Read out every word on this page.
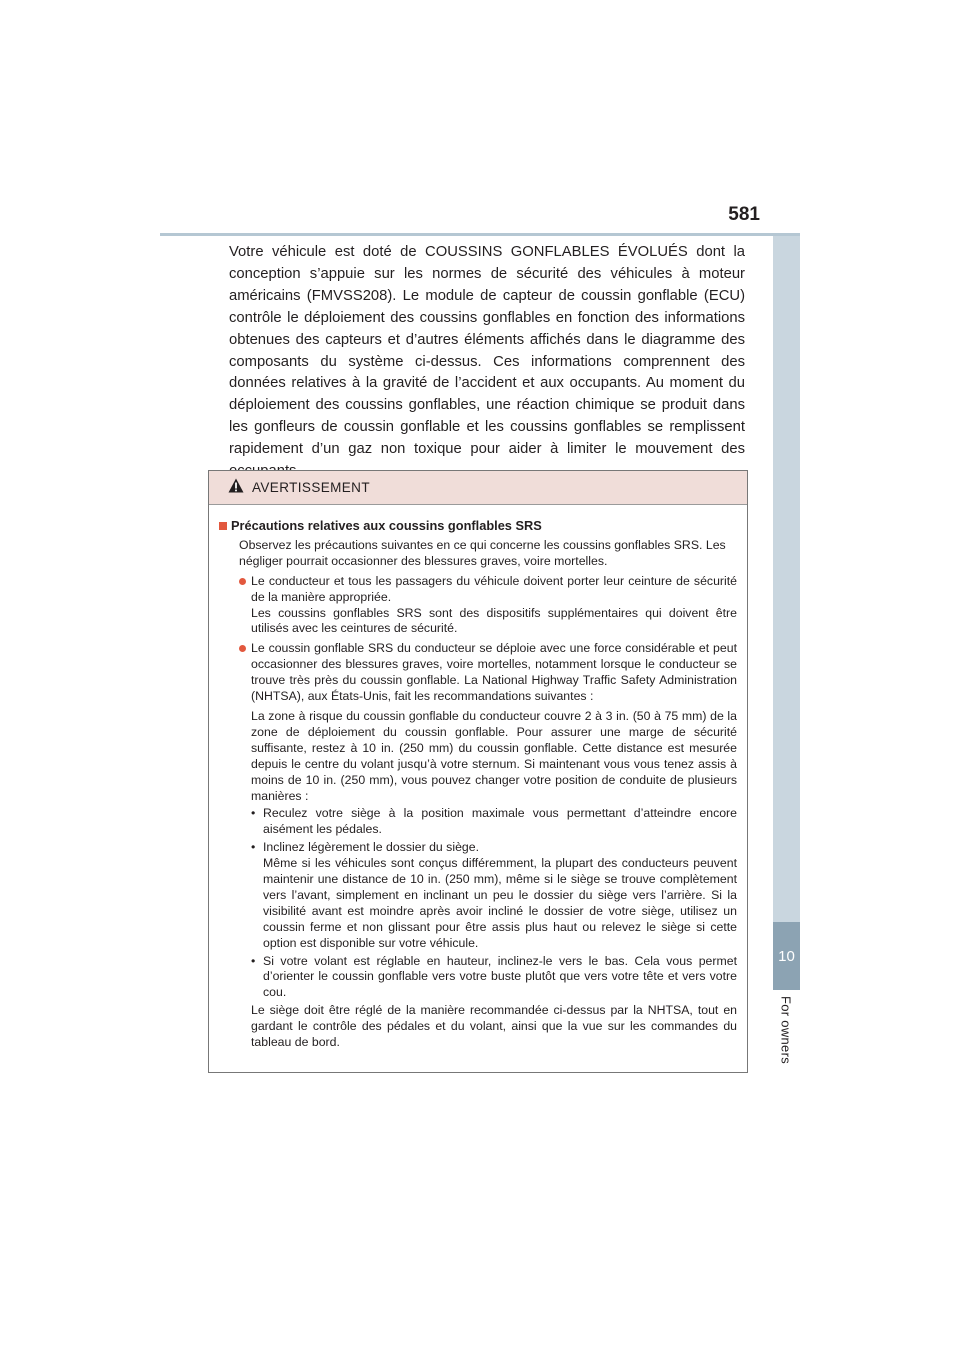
581
10
For owners

Votre véhicule est doté de COUSSINS GONFLABLES ÉVOLUÉS dont la conception s’appuie sur les normes de sécurité des véhicules à moteur américains (FMVSS208). Le module de capteur de coussin gonflable (ECU) contrôle le déploiement des coussins gonflables en fonction des informations obtenues des capteurs et d’autres éléments affichés dans le diagramme des composants du système ci-dessus. Ces informations comprennent des données relatives à la gravité de l’accident et aux occupants. Au moment du déploiement des coussins gonflables, une réaction chimique se produit dans les gonfleurs de coussin gonflable et les coussins gonflables se remplissent rapidement d’un gaz non toxique pour aider à limiter le mouvement des

AVERTISSEMENT

Précautions relatives aux coussins gonflables SRS

Observez les précautions suivantes en ce qui concerne les coussins gonflables SRS. Les négliger pourrait occasionner des blessures graves, voire mortelles.

Le conducteur et tous les passagers du véhicule doivent porter leur ceinture de sécurité de la manière appropriée.

Les coussins gonflables SRS sont des dispositifs supplémentaires qui doivent être utilisés avec les ceintures de sécurité.

Le coussin gonflable SRS du conducteur se déploie avec une force considérable et peut occasionner des blessures graves, voire mortelles, notamment lorsque le conducteur se trouve très près du coussin gonflable. La National Highway Traffic Safety Administration (NHTSA), aux États-Unis, fait les recommandations suivantes :

La zone à risque du coussin gonflable du conducteur couvre 2 à 3 in. (50 à 75 mm) de la zone de déploiement du coussin gonflable. Pour assurer une marge de sécurité suffisante, restez à 10 in. (250 mm) du coussin gonflable. Cette distance est mesurée depuis le centre du volant jusqu’à votre sternum. Si maintenant vous vous tenez assis à moins de 10 in. (250 mm), vous pouvez changer votre position de conduite de plusieurs manières :
• Reculez votre siège à la position maximale vous permettant d’atteindre encore aisément les pédales.

• Inclinez légèrement le dossier du siège.

Même si les véhicules sont conçus différemment, la plupart des conducteurs peuvent maintenir une distance de 10 in. (250 mm), même si le siège se trouve complètement vers l’avant, simplement en inclinant un peu le dossier du siège vers l’arrière. Si la visibilité avant est moindre après avoir incliné le dossier de votre siège, utilisez un coussin ferme et non glissant pour être assis plus haut ou relevez le siège si cette option est disponible sur votre véhicule.

• Si votre volant est réglable en hauteur, inclinez-le vers le bas. Cela vous permet d’orienter le coussin gonflable vers votre buste plutôt que vers votre tête et vers votre cou.

Le siège doit être réglé de la manière recommandée ci-dessus par la NHTSA, tout en gardant le contrôle des pédales et du volant, ainsi que la vue sur les commandes du tableau de bord.
